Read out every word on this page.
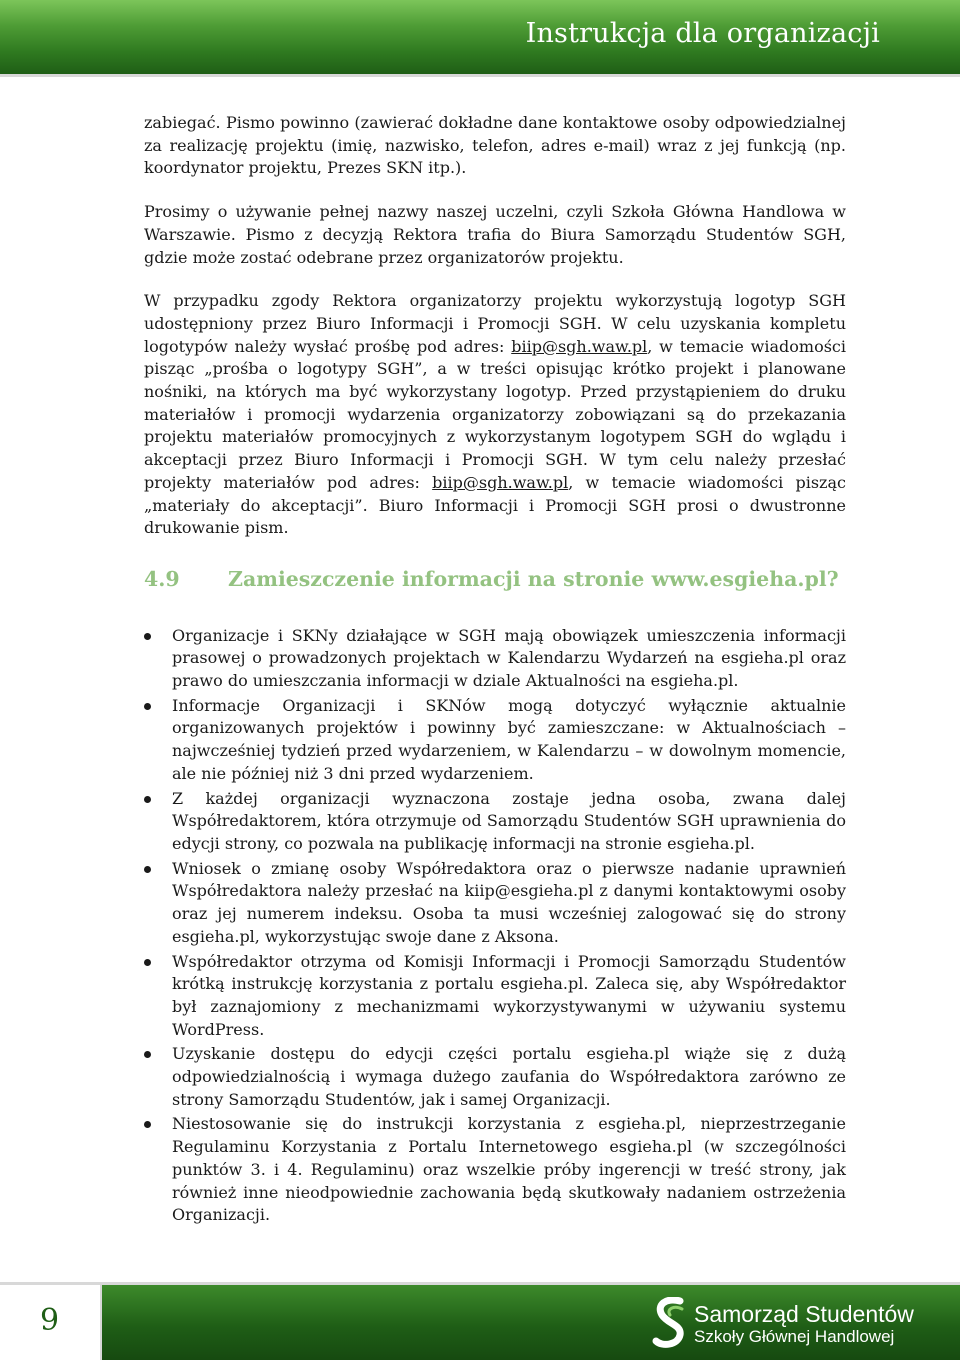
Instrukcja dla organizacji

zabiegać. Pismo powinno (zawierać dokładne dane kontaktowe osoby odpowiedzialnej za realizację projektu (imię, nazwisko, telefon, adres e-mail) wraz z jej funkcją (np. koordynator projektu, Prezes SKN itp.).

Prosimy o używanie pełnej nazwy naszej uczelni, czyli Szkoła Główna Handlowa w Warszawie. Pismo z decyzją Rektora trafia do Biura Samorządu Studentów SGH, gdzie może zostać odebrane przez organizatorów projektu.

W przypadku zgody Rektora organizatorzy projektu wykorzystują logotyp SGH udostępniony przez Biuro Informacji i Promocji SGH. W celu uzyskania kompletu logotypów należy wysłać prośbę pod adres: biip@sgh.waw.pl, w temacie wiadomości pisząc „prośba o logotypy SGH”, a w treści opisując krótko projekt i planowane nośniki, na których ma być wykorzystany logotyp. Przed przystąpieniem do druku materiałów i promocji wydarzenia organizatorzy zobowiązani są do przekazania projektu materiałów promocyjnych z wykorzystanym logotypem SGH do wglądu i akceptacji przez Biuro Informacji i Promocji SGH. W tym celu należy przesłać projekty materiałów pod adres: biip@sgh.waw.pl, w temacie wiadomości pisząc „materiały do akceptacji”. Biuro Informacji i Promocji SGH prosi o dwustronne drukowanie pism.

4.9 Zamieszczenie informacji na stronie www.esgieha.pl?
Organizacje i SKNy działające w SGH mają obowiązek umieszczenia informacji prasowej o prowadzonych projektach w Kalendarzu Wydarzeń na esgieha.pl oraz prawo do umieszczania informacji w dziale Aktualności na esgieha.pl.
Informacje Organizacji i SKNów mogą dotyczyć wyłącznie aktualnie organizowanych projektów i powinny być zamieszczane: w Aktualnościach – najwcześniej tydzień przed wydarzeniem, w Kalendarzu – w dowolnym momencie, ale nie później niż 3 dni przed wydarzeniem.
Z każdej organizacji wyznaczona zostaje jedna osoba, zwana dalej Współredaktorem, która otrzymuje od Samorządu Studentów SGH uprawnienia do edycji strony, co pozwala na publikację informacji na stronie esgieha.pl.
Wniosek o zmianę osoby Współredaktora oraz o pierwsze nadanie uprawnień Współredaktora należy przesłać na kiip@esgieha.pl z danymi kontaktowymi osoby oraz jej numerem indeksu. Osoba ta musi wcześniej zalogować się do strony esgieha.pl, wykorzystując swoje dane z Aksona.
Współredaktor otrzyma od Komisji Informacji i Promocji Samorządu Studentów krótką instrukcję korzystania z portalu esgieha.pl. Zaleca się, aby Współredaktor był zaznajomiony z mechanizmami wykorzystywanymi w używaniu systemu WordPress.
Uzyskanie dostępu do edycji części portalu esgieha.pl wiąże się z dużą odpowiedzialnością i wymaga dużego zaufania do Współredaktora zarówno ze strony Samorządu Studentów, jak i samej Organizacji.
Niestosowanie się do instrukcji korzystania z esgieha.pl, nieprzestrzeganie Regulaminu Korzystania z Portalu Internetowego esgieha.pl (w szczególności punktów 3. i 4. Regulaminu) oraz wszelkie próby ingerencji w treść strony, jak również inne nieodpowiednie zachowania będą skutkowały nadaniem ostrzeżenia Organizacji.
9	Samorząd Studentów
Szkoły Głównej Handlowej
